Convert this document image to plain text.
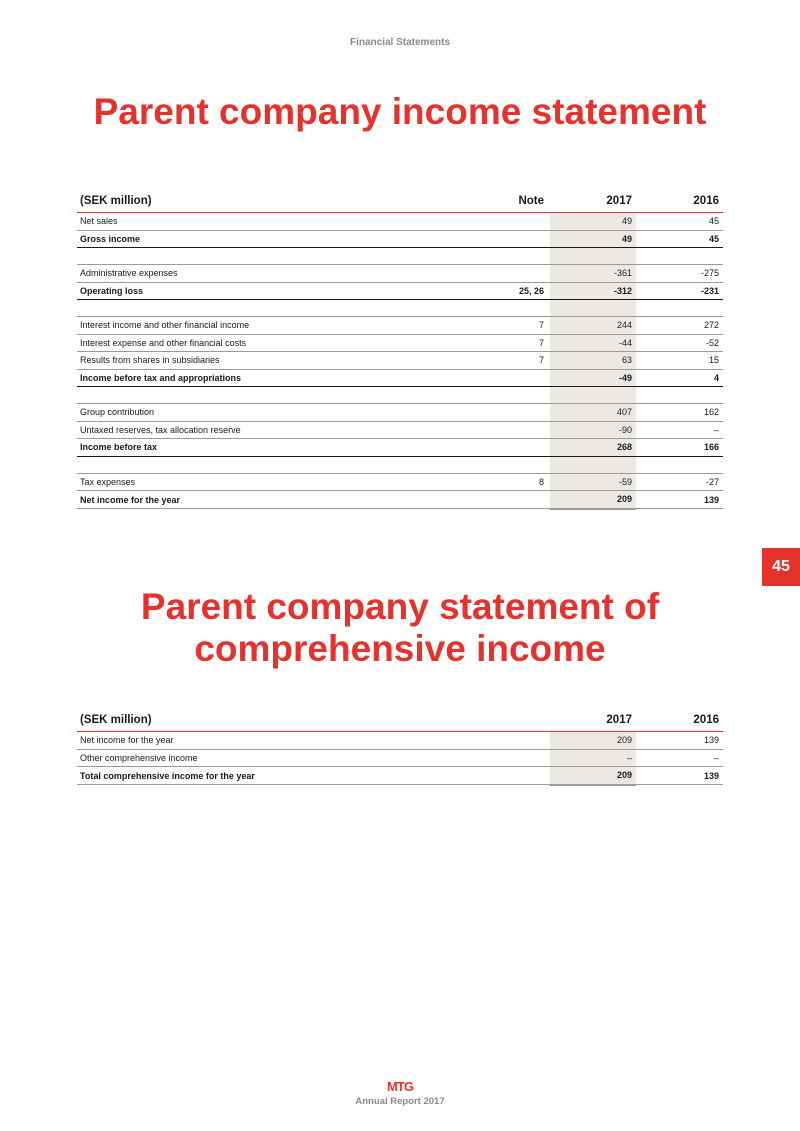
Financial Statements
Parent company income statement
(SEK million)	Note		2017	2016
Net sales			49	45
Gross income			49	45

Administrative expenses			-361	-275
Operating loss	25, 26		-312	-231

Interest income and other financial income	7		244	272
Interest expense and other financial costs	7		-44	-52
Results from shares in subsidiaries	7		63	15
Income before tax and appropriations			-49	4

Group contribution			407	162
Untaxed reserves, tax allocation reserve			-90	–
Income before tax			268	166

Tax expenses	8		-59	-27
Net income for the year			209	139
45
Parent company statement of
comprehensive income
(SEK million)		2017	2016
Net income for the year		209	139
Other comprehensive income		–	–
Total comprehensive income for the year		209	139
MTG
Annual Report 2017
